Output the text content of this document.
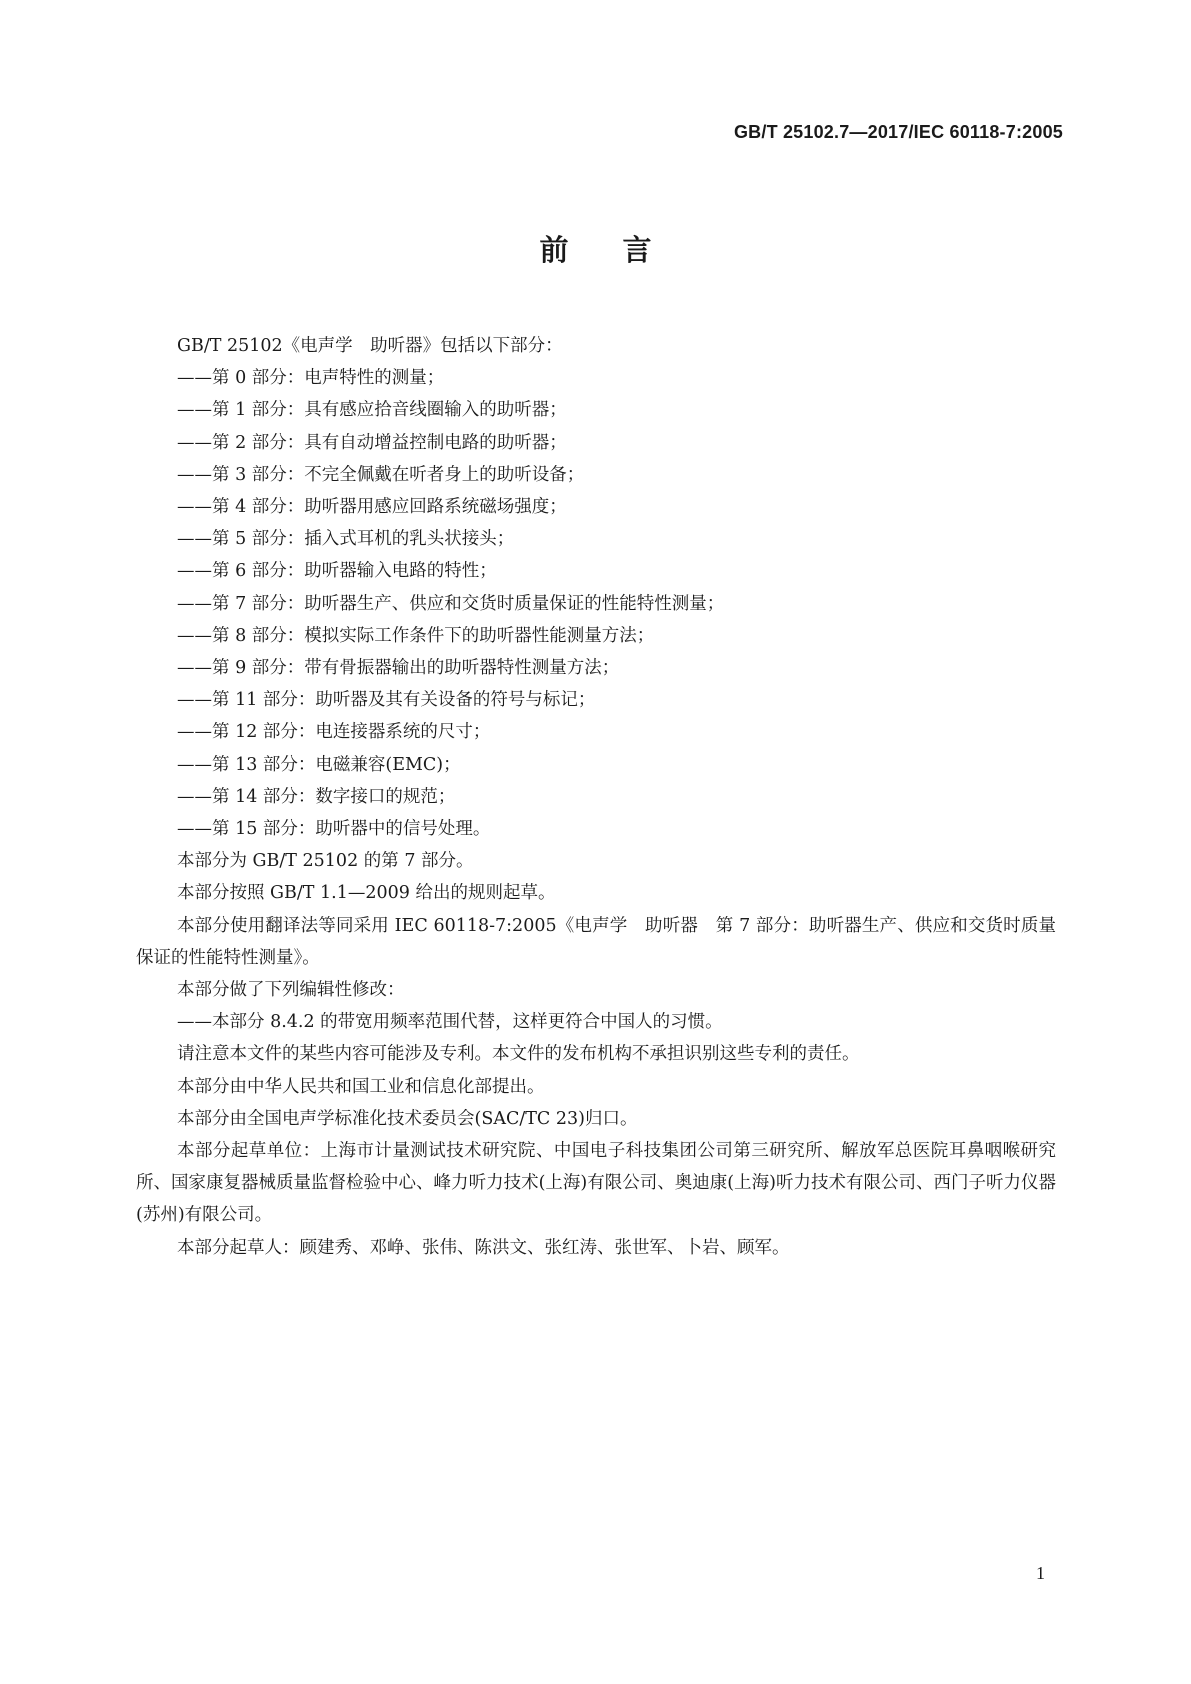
GB/T 25102.7—2017/IEC 60118-7:2005
前言

GB/T 25102《电声学　助听器》包括以下部分：

——第 0 部分：电声特性的测量；

——第 1 部分：具有感应拾音线圈输入的助听器；

——第 2 部分：具有自动增益控制电路的助听器；

——第 3 部分：不完全佩戴在听者身上的助听设备；

——第 4 部分：助听器用感应回路系统磁场强度；

——第 5 部分：插入式耳机的乳头状接头；

——第 6 部分：助听器输入电路的特性；

——第 7 部分：助听器生产、供应和交货时质量保证的性能特性测量；

——第 8 部分：模拟实际工作条件下的助听器性能测量方法；

——第 9 部分：带有骨振器输出的助听器特性测量方法；

——第 11 部分：助听器及其有关设备的符号与标记；

——第 12 部分：电连接器系统的尺寸；

——第 13 部分：电磁兼容(EMC)；

——第 14 部分：数字接口的规范；

——第 15 部分：助听器中的信号处理。

本部分为 GB/T 25102 的第 7 部分。

本部分按照 GB/T 1.1—2009 给出的规则起草。

本部分使用翻译法等同采用 IEC 60118-7:2005《电声学　助听器　第 7 部分：助听器生产、供应和交货时质量保证的性能特性测量》。

本部分做了下列编辑性修改：

——本部分 8.4.2 的带宽用频率范围代替，这样更符合中国人的习惯。

请注意本文件的某些内容可能涉及专利。本文件的发布机构不承担识别这些专利的责任。

本部分由中华人民共和国工业和信息化部提出。

本部分由全国电声学标准化技术委员会(SAC/TC 23)归口。

本部分起草单位：上海市计量测试技术研究院、中国电子科技集团公司第三研究所、解放军总医院耳鼻咽喉研究所、国家康复器械质量监督检验中心、峰力听力技术(上海)有限公司、奥迪康(上海)听力技术有限公司、西门子听力仪器(苏州)有限公司。

本部分起草人：顾建秀、邓峥、张伟、陈洪文、张红涛、张世军、卜岩、顾军。

1
